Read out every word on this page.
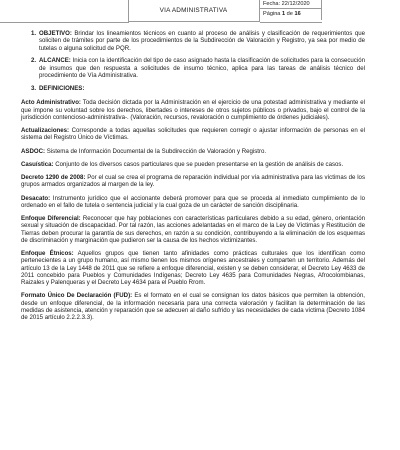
VIA ADMINISTRATIVA
Fecha: 22/12/2020
Página 1 de 16
1. OBJETIVO: Brindar los lineamientos técnicos en cuanto al proceso de análisis y clasificación de requerimientos que soliciten de trámites por parte de los procedimientos de la Subdirección de Valoración y Registro, ya sea por medio de tutelas o alguna solicitud de PQR.
2. ALCANCE: Inicia con la identificación del tipo de caso asignado hasta la clasificación de solicitudes para la consecución de insumos que den respuesta a solicitudes de insumo técnico, aplica para las tareas de análisis técnico del procedimiento de Vía Administrativa.
3. DEFINICIONES:
Acto Administrativo: Toda decisión dictada por la Administración en el ejercicio de una potestad administrativa y mediante el que impone su voluntad sobre los derechos, libertades o intereses de otros sujetos públicos o privados, bajo el control de la jurisdicción contencioso-administrativa-. (Valoración, recursos, revaloración o cumplimiento de órdenes judiciales).
Actualizaciones: Corresponde a todas aquellas solicitudes que requieren corregir o ajustar información de personas en el sistema del Registro Único de Víctimas.
ASDOC: Sistema de Información Documental de la Subdirección de Valoración y Registro.
Casuística: Conjunto de los diversos casos particulares que se pueden presentarse en la gestión de análisis de casos.
Decreto 1290 de 2008: Por el cual se crea el programa de reparación individual por vía administrativa para las víctimas de los grupos armados organizados al margen de la ley.
Desacato: Instrumento jurídico que el accionante deberá promover para que se proceda al inmediato cumplimiento de lo ordenado en el fallo de tutela o sentencia judicial y la cual goza de un carácter de sanción disciplinaria.
Enfoque Diferencial: Reconocer que hay poblaciones con características particulares debido a su edad, género, orientación sexual y situación de discapacidad. Por tal razón, las acciones adelantadas en el marco de la Ley de Víctimas y Restitución de Tierras deben procurar la garantía de sus derechos, en razón a su condición, contribuyendo a la eliminación de los esquemas de discriminación y marginación que pudieron ser la causa de los hechos victimizantes.
Enfoque Étnicos: Aquellos grupos que tienen tanto afinidades como prácticas culturales que los identifican como pertenecientes a un grupo humano, así mismo tienen los mismos orígenes ancestrales y comparten un territorio. Además del artículo 13 de la Ley 1448 de 2011 que se refiere a enfoque diferencial, existen y se deben considerar, el Decreto Ley 4633 de 2011 concebido para Pueblos y Comunidades Indígenas; Decreto Ley 4635 para Comunidades Negras, Afrocolombianas, Raizales y Palenqueras y el Decreto Ley 4634 para el Pueblo Rrom.
Formato Único De Declaración (FUD): Es el formato en el cual se consignan los datos básicos que permiten la obtención, desde un enfoque diferencial, de la información necesaria para una correcta valoración y facilitan la determinación de las medidas de asistencia, atención y reparación que se adecuen al daño sufrido y las necesidades de cada víctima (Decreto 1084 de 2015 artículo 2.2.2.3.3).
